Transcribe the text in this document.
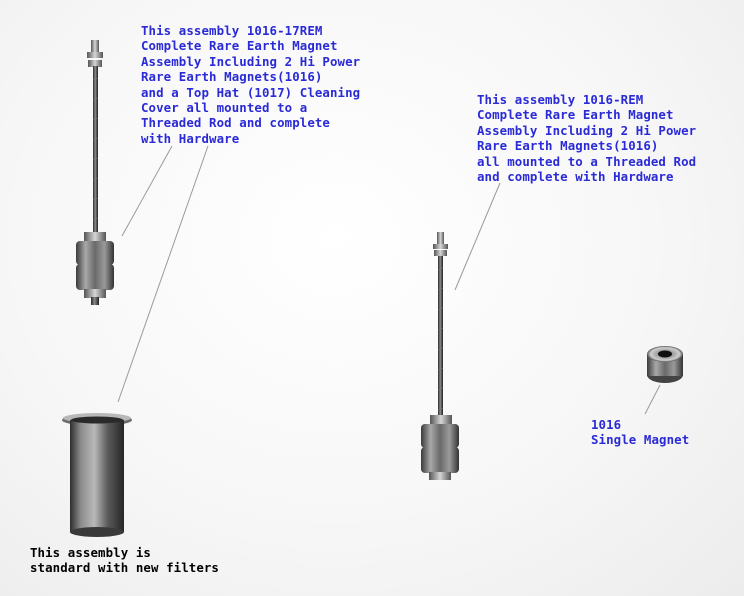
This assembly 1016-17REM
Complete Rare Earth Magnet
Assembly Including 2 Hi Power
Rare Earth Magnets(1016)
and a Top Hat (1017) Cleaning
Cover all mounted to a
Threaded Rod and complete
with Hardware

This assembly 1016-REM
Complete Rare Earth Magnet
Assembly Including 2 Hi Power
Rare Earth Magnets(1016)
all mounted to a Threaded Rod
and complete with Hardware

1016
Single Magnet

This assembly is
standard with new filters
